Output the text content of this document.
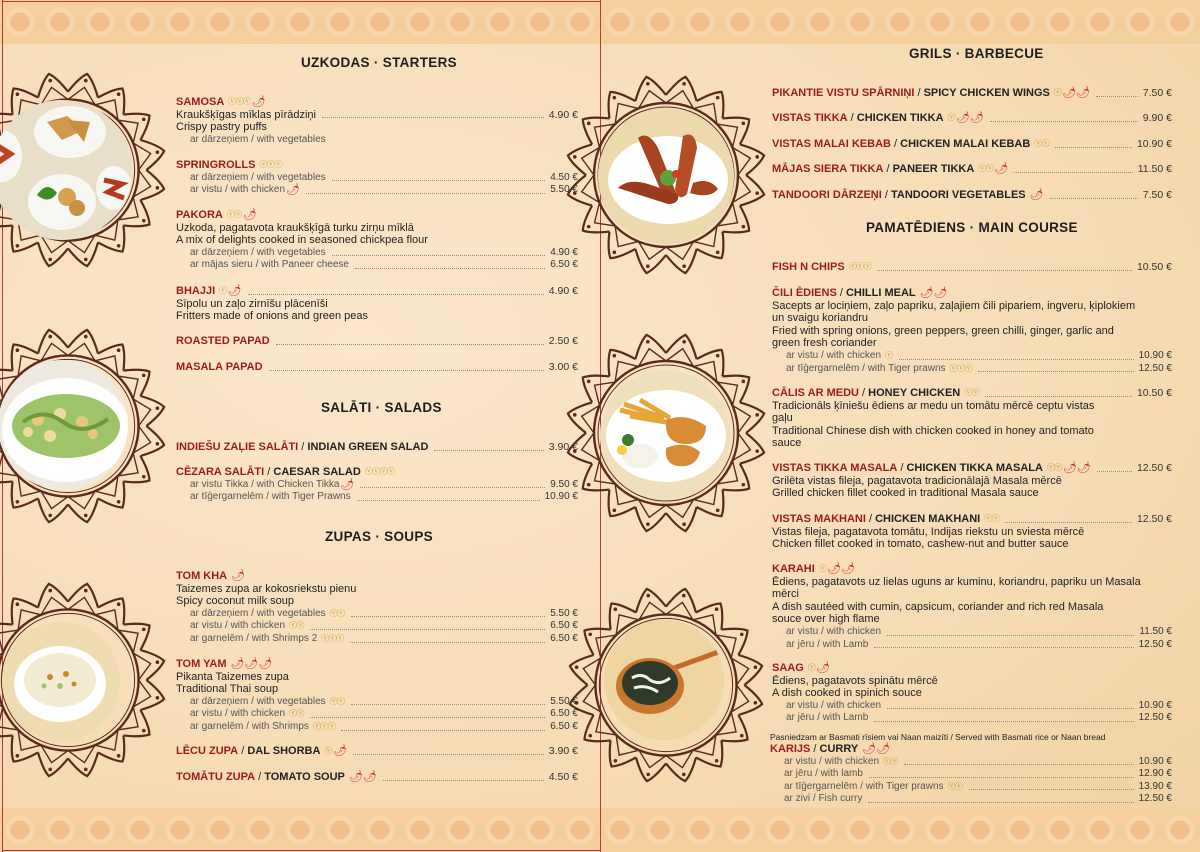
UZKODAS · STARTERS
SAMOSA ⓥⓥⓥ 🌶
Kraukšķīgas mīklas pīrādziņi	4.90 €
Crispy pastry puffs
ar dārzeņiem / with vegetables
SPRINGROLLS ⓥⓥⓥ
ar dārzeņiem / with vegetables	4.50 €
ar vistu / with chicken 🌶	5.50 €
PAKORA ⓥⓥ 🌶
Uzkoda, pagatavota kraukšķīgā turku zirņu mīklā
A mix of delights cooked in seasoned chickpea flour
ar dārzeņiem / with vegetables	4.90 €
ar mājas sieru / with Paneer cheese	6.50 €
BHAJJI ⓥ 🌶	4.90 €
Sīpolu un zaļo zirnīšu plācenīši
Fritters made of onions and green peas
ROASTED PAPAD	2.50 €
MASALA PAPAD	3.00 €
SALĀTI · SALADS
INDIEŠU ZAĻIE SALĀTI / INDIAN GREEN SALAD	3.90 €
CĒZARA SALĀTI / CAESAR SALAD ⓥⓥⓥⓥ
ar vistu Tikka / with Chicken Tikka 🌶	9.50 €
ar tīģergarnelēm / with Tiger Prawns	10.90 €
ZUPAS · SOUPS
TOM KHA 🌶
Taizemes zupa ar kokosriekstu pienu
Spicy coconut milk soup
ar dārzeņiem / with vegetables ⓥⓥ	5.50 €
ar vistu / with chicken ⓥⓥ	6.50 €
ar garnelēm / with Shrimps 2 ⓥⓥⓥ	6.50 €
TOM YAM 🌶🌶🌶
Pikanta Taizemes zupa
Traditional Thai soup
ar dārzeņiem / with vegetables ⓥⓥ	5.50 €
ar vistu / with chicken ⓥⓥ	6.50 €
ar garnelēm / with Shrimps ⓥⓥⓥ	6.50 €
LĒCU ZUPA / DAL SHORBA ⓥ 🌶	3.90 €
TOMĀTU ZUPA / TOMATO SOUP 🌶🌶	4.50 €
GRILS · BARBECUE
PIKANTIE VISTU SPĀRNIŅI / SPICY CHICKEN WINGS ⓥ 🌶🌶	7.50 €
VISTAS TIKKA / CHICKEN TIKKA ⓥ 🌶🌶	9.90 €
VISTAS MALAI KEBAB / CHICKEN MALAI KEBAB ⓥⓥ	10.90 €
MĀJAS SIERA TIKKA / PANEER TIKKA ⓥⓥ 🌶	11.50 €
TANDOORI DĀRZEŅI / TANDOORI VEGETABLES 🌶	7.50 €
PAMATĒDIENS · MAIN COURSE
FISH N CHIPS ⓥⓥⓥ	10.50 €
ČILI ĒDIENS / CHILLI MEAL 🌶🌶
Sacepts ar lociņiem, zaļo papriku, zaļajiem čili pipariem, ingveru, ķiplokiem un svaigu koriandru
Fried with spring onions, green peppers, green chilli, ginger, garlic and green fresh coriander
ar vistu / with chicken ⓥ	10.90 €
ar tīģergarnelēm / with Tiger prawns ⓥⓥⓥ	12.50 €
CĀLIS AR MEDU / HONEY CHICKEN ⓥⓥ	10.50 €
Tradicionāls ķīniešu ēdiens ar medu un tomātu mērcē ceptu vistas gaļu
Traditional Chinese dish with chicken cooked in honey and tomato sauce
VISTAS TIKKA MASALA / CHICKEN TIKKA MASALA ⓥⓥ 🌶🌶	12.50 €
Grilēta vistas fileja, pagatavota tradicionālajā Masala mērcē
Grilled chicken fillet cooked in traditional Masala sauce
VISTAS MAKHANI / CHICKEN MAKHANI ⓥⓥ	12.50 €
Vistas fileja, pagatavota tomātu, Indijas riekstu un sviesta mērcē
Chicken fillet cooked in tomato, cashew-nut and butter sauce
KARAHI ⓥ 🌶🌶
Ēdiens, pagatavots uz lielas uguns ar kuminu, koriandru, papriku un Masala mērci
A dish sautéed with cumin, capsicum, coriander and rich red Masala souce over high flame
ar vistu / with chicken	11.50 €
ar jēru / with Lamb	12.50 €
SAAG ⓥ 🌶
Ēdiens, pagatavots spinātu mērcē
A dish cooked in spinich souce
ar vistu / with chicken	10.90 €
ar jēru / with Lamb	12.50 €
Pasniedzam ar Basmati rīsiem vai Naan maizīti / Served with Basmati rice or Naan bread
KARIJS / CURRY 🌶🌶
ar vistu / with chicken ⓥⓥ	10.90 €
ar jēru / with lamb	12.90 €
ar tīģergarnelēm / with Tiger prawns ⓥⓥ	13.90 €
ar zivi / Fish curry	12.50 €
